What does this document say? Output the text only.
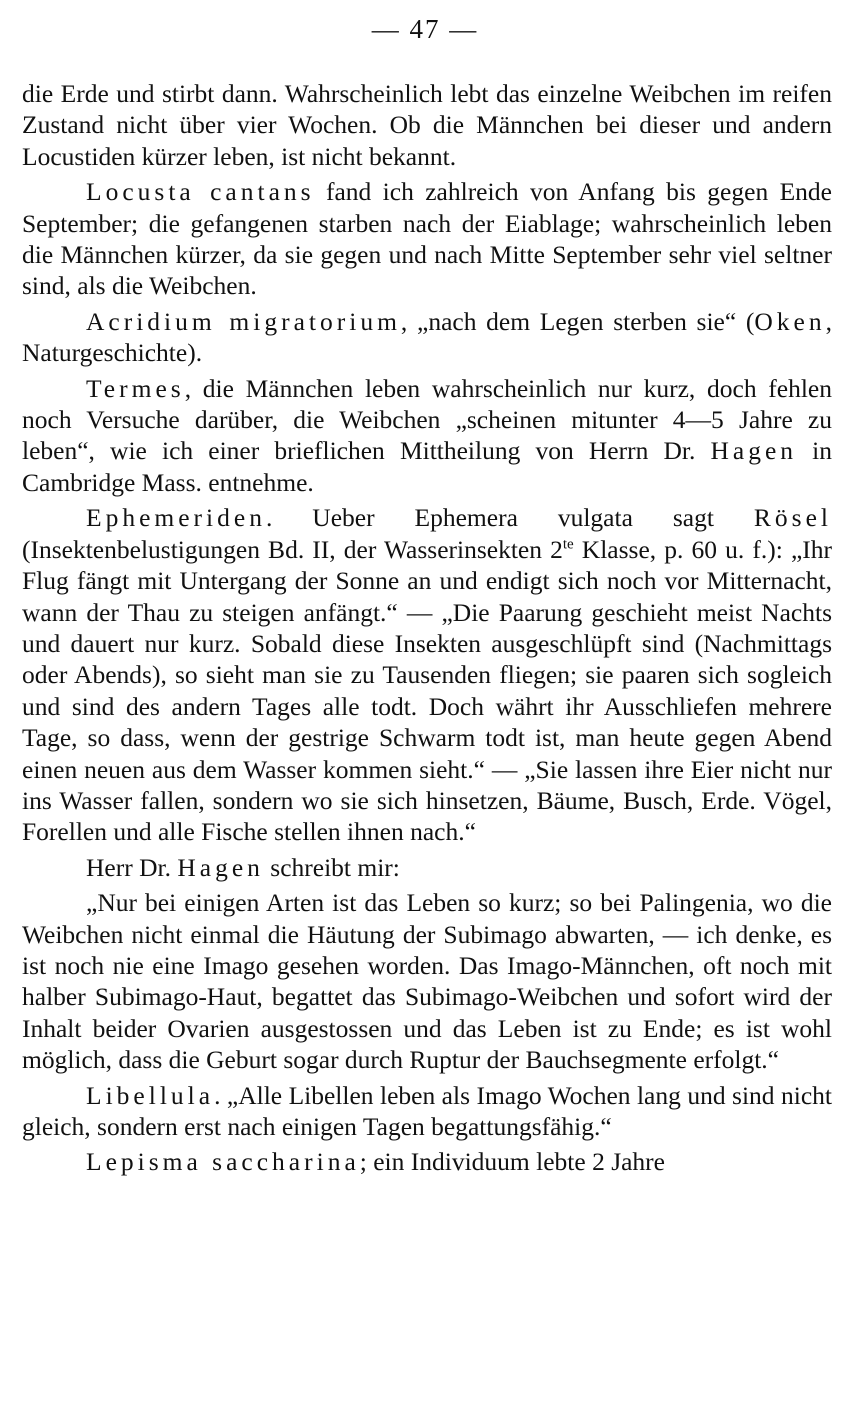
— 47 —

die Erde und stirbt dann. Wahrscheinlich lebt das einzelne Weibchen im reifen Zustand nicht über vier Wochen. Ob die Männchen bei dieser und andern Locustiden kürzer leben, ist nicht bekannt.

Locusta cantans fand ich zahlreich von Anfang bis gegen Ende September; die gefangenen starben nach der Eiablage; wahrscheinlich leben die Männchen kürzer, da sie gegen und nach Mitte September sehr viel seltner sind, als die Weibchen.

Acridium migratorium, „nach dem Legen sterben sie“ (Oken, Naturgeschichte).

Termes, die Männchen leben wahrscheinlich nur kurz, doch fehlen noch Versuche darüber, die Weibchen „scheinen mitunter 4—5 Jahre zu leben“, wie ich einer brieflichen Mittheilung von Herrn Dr. Hagen in Cambridge Mass. entnehme.

Ephemeriden. Ueber Ephemera vulgata sagt Rösel (Insektenbelustigungen Bd. II, der Wasserinsekten $2^{te}$ Klasse, p. 60 u. f.): „Ihr Flug fängt mit Untergang der Sonne an und endigt sich noch vor Mitternacht, wann der Thau zu steigen anfängt.“ — „Die Paarung geschieht meist Nachts und dauert nur kurz. Sobald diese Insekten ausgeschlüpft sind (Nachmittags oder Abends), so sieht man sie zu Tausenden fliegen; sie paaren sich sogleich und sind des andern Tages alle todt. Doch währt ihr Ausschliefen mehrere Tage, so dass, wenn der gestrige Schwarm todt ist, man heute gegen Abend einen neuen aus dem Wasser kommen sieht.“ — „Sie lassen ihre Eier nicht nur ins Wasser fallen, sondern wo sie sich hinsetzen, Bäume, Busch, Erde. Vögel, Forellen und alle Fische stellen ihnen nach.“

Herr Dr. Hagen schreibt mir:

„Nur bei einigen Arten ist das Leben so kurz; so bei Palingenia, wo die Weibchen nicht einmal die Häutung der Subimago abwarten, — ich denke, es ist noch nie eine Imago gesehen worden. Das Imago-Männchen, oft noch mit halber Subimago-Haut, begattet das Subimago-Weibchen und sofort wird der Inhalt beider Ovarien ausgestossen und das Leben ist zu Ende; es ist wohl möglich, dass die Geburt sogar durch Ruptur der Bauchsegmente erfolgt.“

Libellula. „Alle Libellen leben als Imago Wochen lang und sind nicht gleich, sondern erst nach einigen Tagen begattungsfähig.“

Lepisma saccharina; ein Individuum lebte 2 Jahre
